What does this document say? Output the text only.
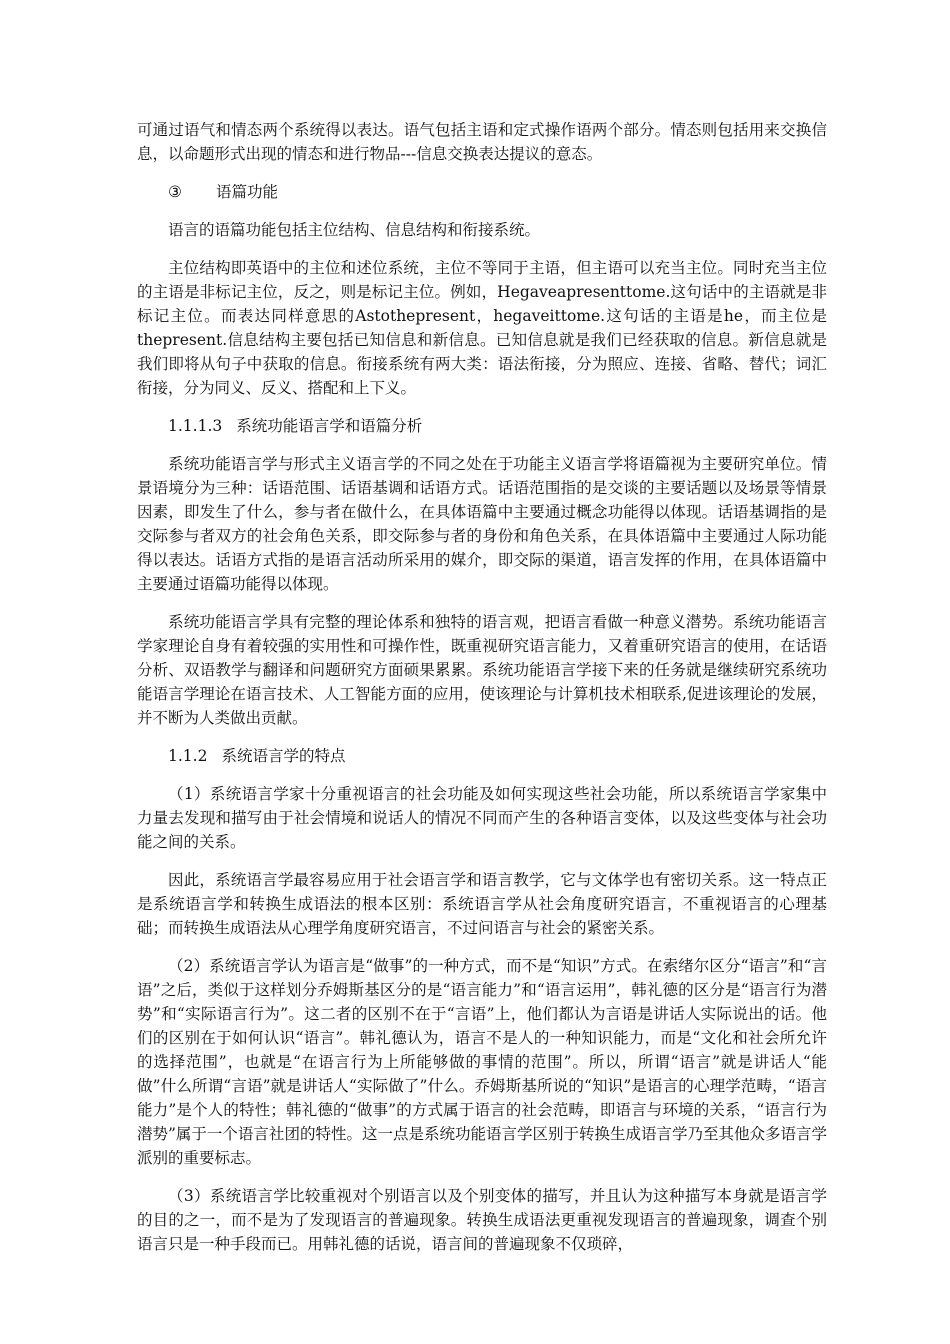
可通过语气和情态两个系统得以表达。语气包括主语和定式操作语两个部分。情态则包括用来交换信息，以命题形式出现的情态和进行物品---信息交换表达提议的意态。

③ 语篇功能

语言的语篇功能包括主位结构、信息结构和衔接系统。

主位结构即英语中的主位和述位系统，主位不等同于主语，但主语可以充当主位。同时充当主位的主语是非标记主位，反之，则是标记主位。例如，Hegaveapresenttome.这句话中的主语就是非标记主位。而表达同样意思的Astothepresent，hegaveittome.这句话的主语是he，而主位是thepresent.信息结构主要包括已知信息和新信息。已知信息就是我们已经获取的信息。新信息就是我们即将从句子中获取的信息。衔接系统有两大类：语法衔接，分为照应、连接、省略、替代；词汇衔接，分为同义、反义、搭配和上下义。

1.1.1.3 系统功能语言学和语篇分析

系统功能语言学与形式主义语言学的不同之处在于功能主义语言学将语篇视为主要研究单位。情景语境分为三种：话语范围、话语基调和话语方式。话语范围指的是交谈的主要话题以及场景等情景因素，即发生了什么，参与者在做什么，在具体语篇中主要通过概念功能得以体现。话语基调指的是交际参与者双方的社会角色关系，即交际参与者的身份和角色关系，在具体语篇中主要通过人际功能得以表达。话语方式指的是语言活动所采用的媒介，即交际的渠道，语言发挥的作用，在具体语篇中主要通过语篇功能得以体现。

系统功能语言学具有完整的理论体系和独特的语言观，把语言看做一种意义潜势。系统功能语言学家理论自身有着较强的实用性和可操作性，既重视研究语言能力，又着重研究语言的使用，在话语分析、双语教学与翻译和问题研究方面硕果累累。系统功能语言学接下来的任务就是继续研究系统功能语言学理论在语言技术、人工智能方面的应用，使该理论与计算机技术相联系,促进该理论的发展，并不断为人类做出贡献。

1.1.2 系统语言学的特点

（1）系统语言学家十分重视语言的社会功能及如何实现这些社会功能，所以系统语言学家集中力量去发现和描写由于社会情境和说话人的情况不同而产生的各种语言变体，以及这些变体与社会功能之间的关系。

因此，系统语言学最容易应用于社会语言学和语言教学，它与文体学也有密切关系。这一特点正是系统语言学和转换生成语法的根本区别：系统语言学从社会角度研究语言，不重视语言的心理基础；而转换生成语法从心理学角度研究语言，不过问语言与社会的紧密关系。

（2）系统语言学认为语言是“做事”的一种方式，而不是“知识”方式。在索绪尔区分“语言”和“言语”之后，类似于这样划分乔姆斯基区分的是“语言能力”和“语言运用”，韩礼德的区分是“语言行为潜势”和“实际语言行为”。这二者的区别不在于“言语”上，他们都认为言语是讲话人实际说出的话。他们的区别在于如何认识“语言”。韩礼德认为，语言不是人的一种知识能力，而是“文化和社会所允许的选择范围”，也就是“在语言行为上所能够做的事情的范围”。所以，所谓“语言”就是讲话人“能做”什么所谓“言语”就是讲话人“实际做了”什么。乔姆斯基所说的“知识”是语言的心理学范畴，“语言能力”是个人的特性；韩礼德的“做事”的方式属于语言的社会范畴，即语言与环境的关系，“语言行为潜势”属于一个语言社团的特性。这一点是系统功能语言学区别于转换生成语言学乃至其他众多语言学派别的重要标志。

（3）系统语言学比较重视对个别语言以及个别变体的描写，并且认为这种描写本身就是语言学的目的之一，而不是为了发现语言的普遍现象。转换生成语法更重视发现语言的普遍现象，调查个别语言只是一种手段而已。用韩礼德的话说，语言间的普遍现象不仅琐碎，
